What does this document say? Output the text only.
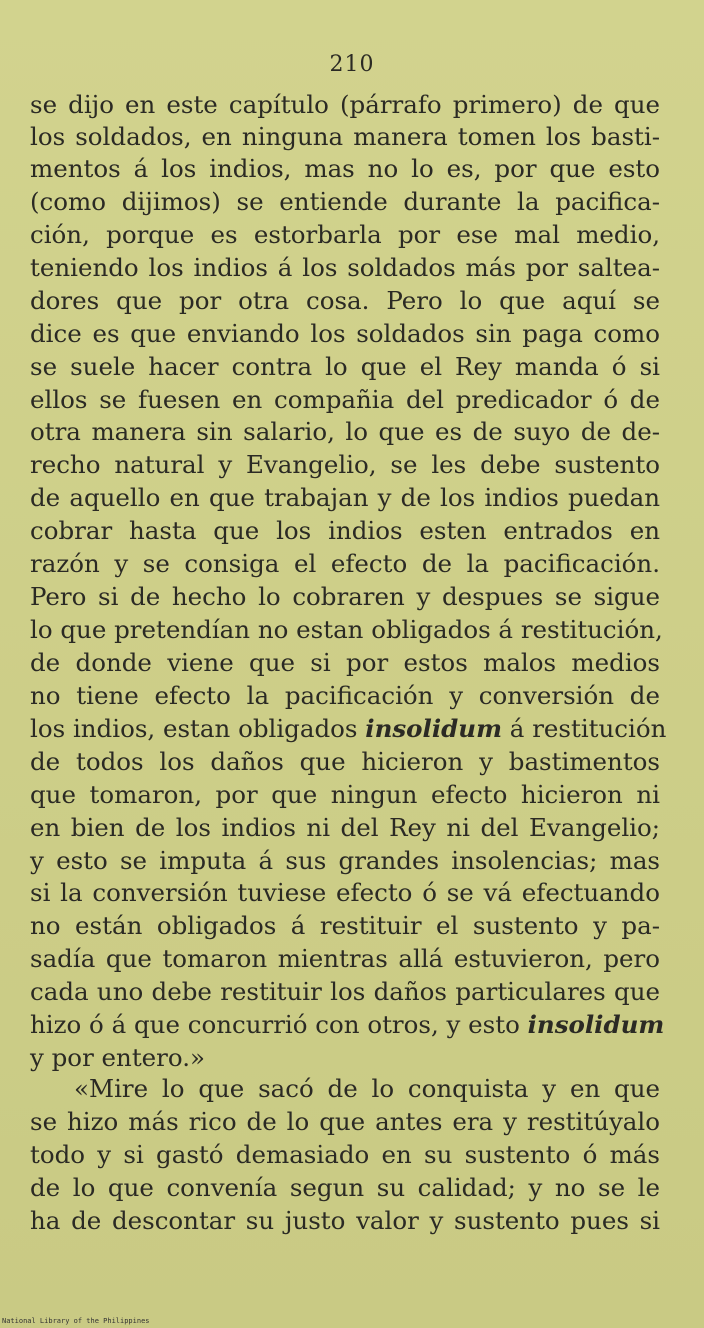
210
se dijo en este capítulo (párrafo primero) de que
los soldados, en ninguna manera tomen los basti-
mentos á los indios, mas no lo es, por que esto
(como dijimos) se entiende durante la pacifica-
ción, porque es estorbarla por ese mal medio,
teniendo los indios á los soldados más por saltea-
dores que por otra cosa. Pero lo que aquí se
dice es que enviando los soldados sin paga como
se suele hacer contra lo que el Rey manda ó si
ellos se fuesen en compañia del predicador ó de
otra manera sin salario, lo que es de suyo de de-
recho natural y Evangelio, se les debe sustento
de aquello en que trabajan y de los indios puedan
cobrar hasta que los indios esten entrados en
razón y se consiga el efecto de la pacificación.
Pero si de hecho lo cobraren y despues se sigue
lo que pretendían no estan obligados á restitución,
de donde viene que si por estos malos medios
no tiene efecto la pacificación y conversión de
los indios, estan obligados insolidum á restitución
de todos los daños que hicieron y bastimentos
que tomaron, por que ningun efecto hicieron ni
en bien de los indios ni del Rey ni del Evangelio;
y esto se imputa á sus grandes insolencias; mas
si la conversión tuviese efecto ó se vá efectuando
no están obligados á restituir el sustento y pa-
sadía que tomaron mientras allá estuvieron, pero
cada uno debe restituir los daños particulares que
hizo ó á que concurrió con otros, y esto insolidum
y por entero.»
«Mire lo que sacó de lo conquista y en que
se hizo más rico de lo que antes era y restitúyalo
todo y si gastó demasiado en su sustento ó más
de lo que convenía segun su calidad; y no se le
ha de descontar su justo valor y sustento pues si
National Library of the Philippines
